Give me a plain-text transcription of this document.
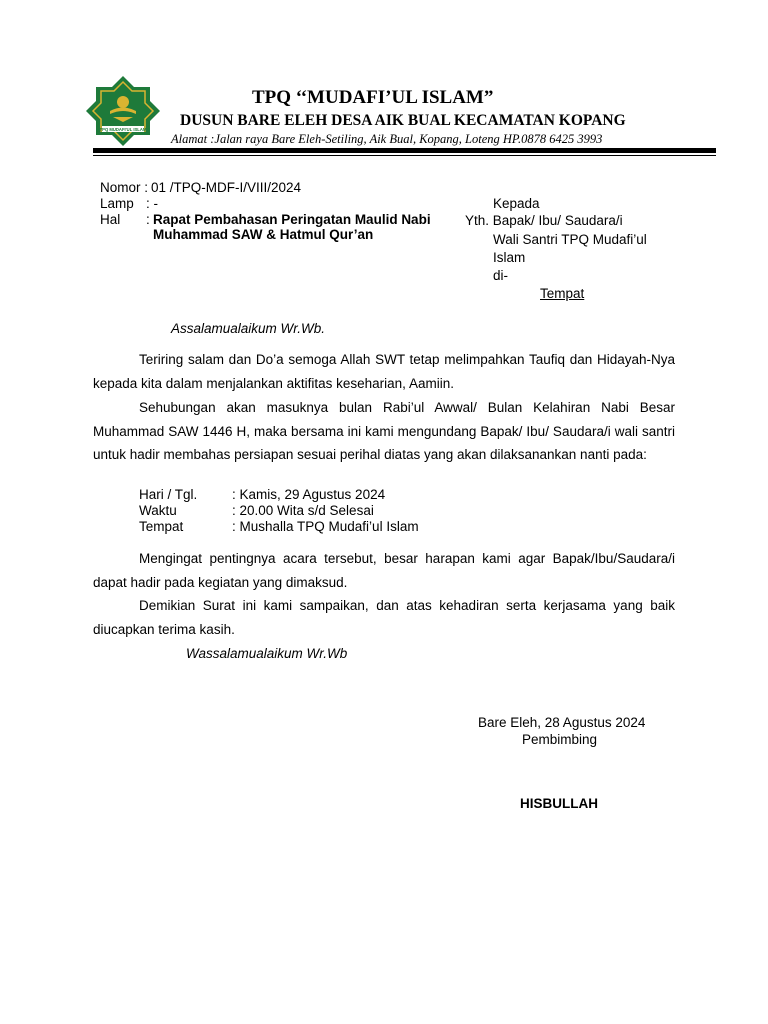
TPQ MUDAFI'UL ISLAM
TPQ ‘‘MUDAFI’UL ISLAM”
DUSUN BARE ELEH DESA AIK BUAL KECAMATAN KOPANG
Alamat :Jalan raya Bare Eleh-Setiling, Aik Bual, Kopang, Loteng HP.0878 6425 3993
Nomor : 01 /TPQ-MDF-I/VIII/2024
Lamp : -
Hal : Rapat Pembahasan Peringatan Maulid Nabi
Muhammad SAW & Hatmul Qur’an
Kepada
Yth. Bapak/ Ibu/ Saudara/i
Wali Santri TPQ Mudafi’ul
Islam
di-
Tempat
Assalamualaikum Wr.Wb.
Teriring salam dan Do’a semoga Allah SWT tetap melimpahkan Taufiq dan Hidayah-Nya kepada kita dalam menjalankan aktifitas keseharian, Aamiin.
Sehubungan akan masuknya bulan Rabi’ul Awwal/ Bulan Kelahiran Nabi Besar Muhammad SAW 1446 H, maka bersama ini kami mengundang Bapak/ Ibu/ Saudara/i wali santri untuk hadir membahas persiapan sesuai perihal diatas yang akan dilaksanankan nanti pada:
Hari / Tgl.	: Kamis, 29 Agustus 2024
Waktu	: 20.00 Wita s/d Selesai
Tempat	: Mushalla TPQ Mudafi’ul Islam
Mengingat pentingnya acara tersebut, besar harapan kami agar Bapak/Ibu/Saudara/i dapat hadir pada kegiatan yang dimaksud.
Demikian Surat ini kami sampaikan, dan atas kehadiran serta kerjasama yang baik diucapkan terima kasih.
Wassalamualaikum Wr.Wb
Bare Eleh, 28 Agustus 2024
Pembimbing
HISBULLAH
